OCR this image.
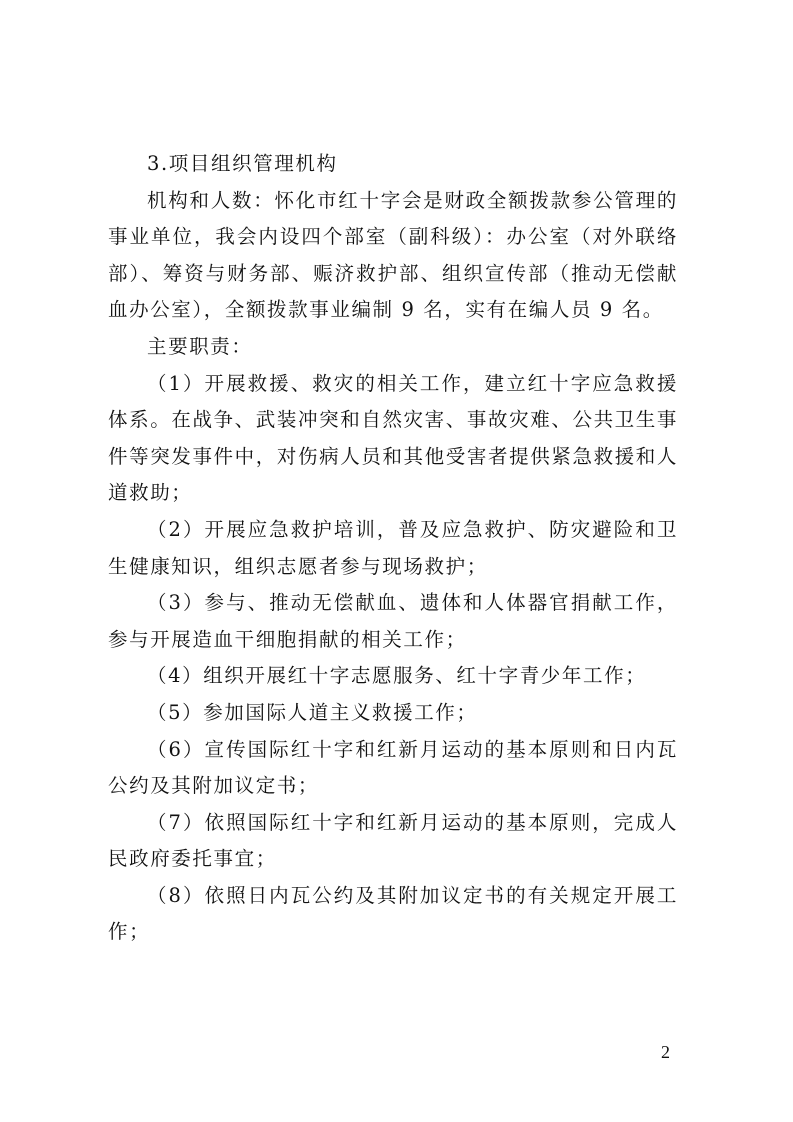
3.项目组织管理机构

机构和人数：怀化市红十字会是财政全额拨款参公管理的事业单位，我会内设四个部室（副科级）：办公室（对外联络部）、筹资与财务部、赈济救护部、组织宣传部（推动无偿献血办公室），全额拨款事业编制 9 名，实有在编人员 9 名。

主要职责：

（1）开展救援、救灾的相关工作，建立红十字应急救援体系。在战争、武装冲突和自然灾害、事故灾难、公共卫生事件等突发事件中，对伤病人员和其他受害者提供紧急救援和人道救助；

（2）开展应急救护培训，普及应急救护、防灾避险和卫生健康知识，组织志愿者参与现场救护；

（3）参与、推动无偿献血、遗体和人体器官捐献工作，参与开展造血干细胞捐献的相关工作；

（4）组织开展红十字志愿服务、红十字青少年工作；

（5）参加国际人道主义救援工作；

（6）宣传国际红十字和红新月运动的基本原则和日内瓦公约及其附加议定书；

（7）依照国际红十字和红新月运动的基本原则，完成人民政府委托事宜；

（8）依照日内瓦公约及其附加议定书的有关规定开展工作；

2
